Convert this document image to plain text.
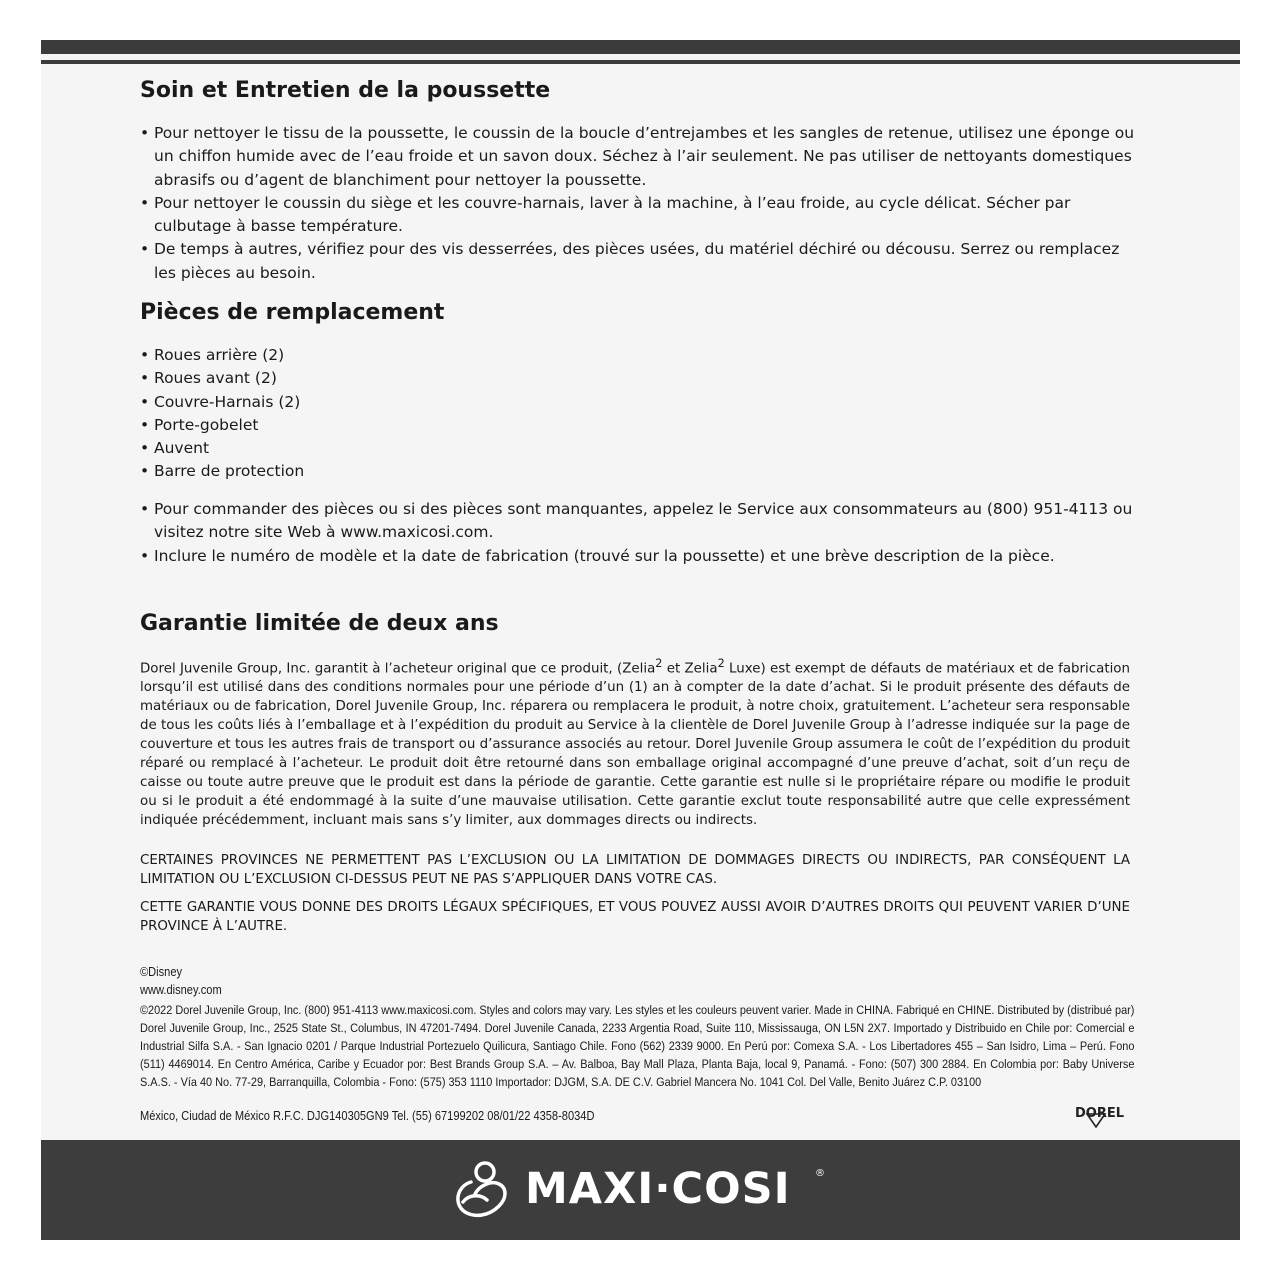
Soin et Entretien de la poussette
• Pour nettoyer le tissu de la poussette, le coussin de la boucle d’entrejambes et les sangles de retenue, utilisez une éponge ou un chiffon humide avec de l’eau froide et un savon doux. Séchez à l’air seulement. Ne pas utiliser de nettoyants domestiques abrasifs ou d’agent de blanchiment pour nettoyer la poussette.
• Pour nettoyer le coussin du siège et les couvre-harnais, laver à la machine, à l’eau froide, au cycle délicat. Sécher par culbutage à basse température.
• De temps à autres, vérifiez pour des vis desserrées, des pièces usées, du matériel déchiré ou décousu. Serrez ou remplacez les pièces au besoin.
Pièces de remplacement
• Roues arrière (2)
• Roues avant (2)
• Couvre-Harnais (2)
• Porte-gobelet
• Auvent
• Barre de protection
• Pour commander des pièces ou si des pièces sont manquantes, appelez le Service aux consommateurs au (800) 951-4113 ou visitez notre site Web à www.maxicosi.com.
• Inclure le numéro de modèle et la date de fabrication (trouvé sur la poussette) et une brève description de la pièce.
Garantie limitée de deux ans

Dorel Juvenile Group, Inc. garantit à l’acheteur original que ce produit, (Zelia$^2$ et Zelia$^2$ Luxe) est exempt de défauts de matériaux et de fabrication lorsqu’il est utilisé dans des conditions normales pour une période d’un (1) an à compter de la date d’achat. Si le produit présente des défauts de matériaux ou de fabrication, Dorel Juvenile Group, Inc. réparera ou remplacera le produit, à notre choix, gratuitement. L’acheteur sera responsable de tous les coûts liés à l’emballage et à l’expédition du produit au Service à la clientèle de Dorel Juvenile Group à l’adresse indiquée sur la page de couverture et tous les autres frais de transport ou d’assurance associés au retour. Dorel Juvenile Group assumera le coût de l’expédition du produit réparé ou remplacé à l’acheteur. Le produit doit être retourné dans son emballage original accompagné d’une preuve d’achat, soit d’un reçu de caisse ou toute autre preuve que le produit est dans la période de garantie. Cette garantie est nulle si le propriétaire répare ou modifie le produit ou si le produit a été endommagé à la suite d’une mauvaise utilisation. Cette garantie exclut toute responsabilité autre que celle expressément indiquée précédemment, incluant mais sans s’y limiter, aux dommages directs ou indirects.

CERTAINES PROVINCES NE PERMETTENT PAS L’EXCLUSION OU LA LIMITATION DE DOMMAGES DIRECTS OU INDIRECTS, PAR CONSÉQUENT LA LIMITATION OU L’EXCLUSION CI-DESSUS PEUT NE PAS S’APPLIQUER DANS VOTRE CAS.

CETTE GARANTIE VOUS DONNE DES DROITS LÉGAUX SPÉCIFIQUES, ET VOUS POUVEZ AUSSI AVOIR D’AUTRES DROITS QUI PEUVENT VARIER D’UNE PROVINCE À L’AUTRE.

©Disney
www.disney.com

©2022 Dorel Juvenile Group, Inc. (800) 951-4113 www.maxicosi.com. Styles and colors may vary. Les styles et les couleurs peuvent varier. Made in CHINA. Fabriqué en CHINE. Distributed by (distribué par) Dorel Juvenile Group, Inc., 2525 State St., Columbus, IN 47201-7494. Dorel Juvenile Canada, 2233 Argentia Road, Suite 110, Mississauga, ON L5N 2X7. Importado y Distribuido en Chile por: Comercial e Industrial Silfa S.A. - San Ignacio 0201 / Parque Industrial Portezuelo Quilicura, Santiago Chile. Fono (562) 2339 9000. En Perú por: Comexa S.A. - Los Libertadores 455 – San Isidro, Lima – Perú. Fono (511) 4469014. En Centro América, Caribe y Ecuador por: Best Brands Group S.A. – Av. Balboa, Bay Mall Plaza, Planta Baja, local 9, Panamá. - Fono: (507) 300 2884. En Colombia por: Baby Universe S.A.S. - Vía 40 No. 77-29, Barranquilla, Colombia - Fono: (575) 353 1110 Importador: DJGM, S.A. DE C.V. Gabriel Mancera No. 1041 Col. Del Valle, Benito Juárez C.P. 03100

México, Ciudad de México R.F.C. DJG140305GN9 Tel. (55) 67199202 08/01/22 4358-8034D	DOREL
MAXI·COSI ®
